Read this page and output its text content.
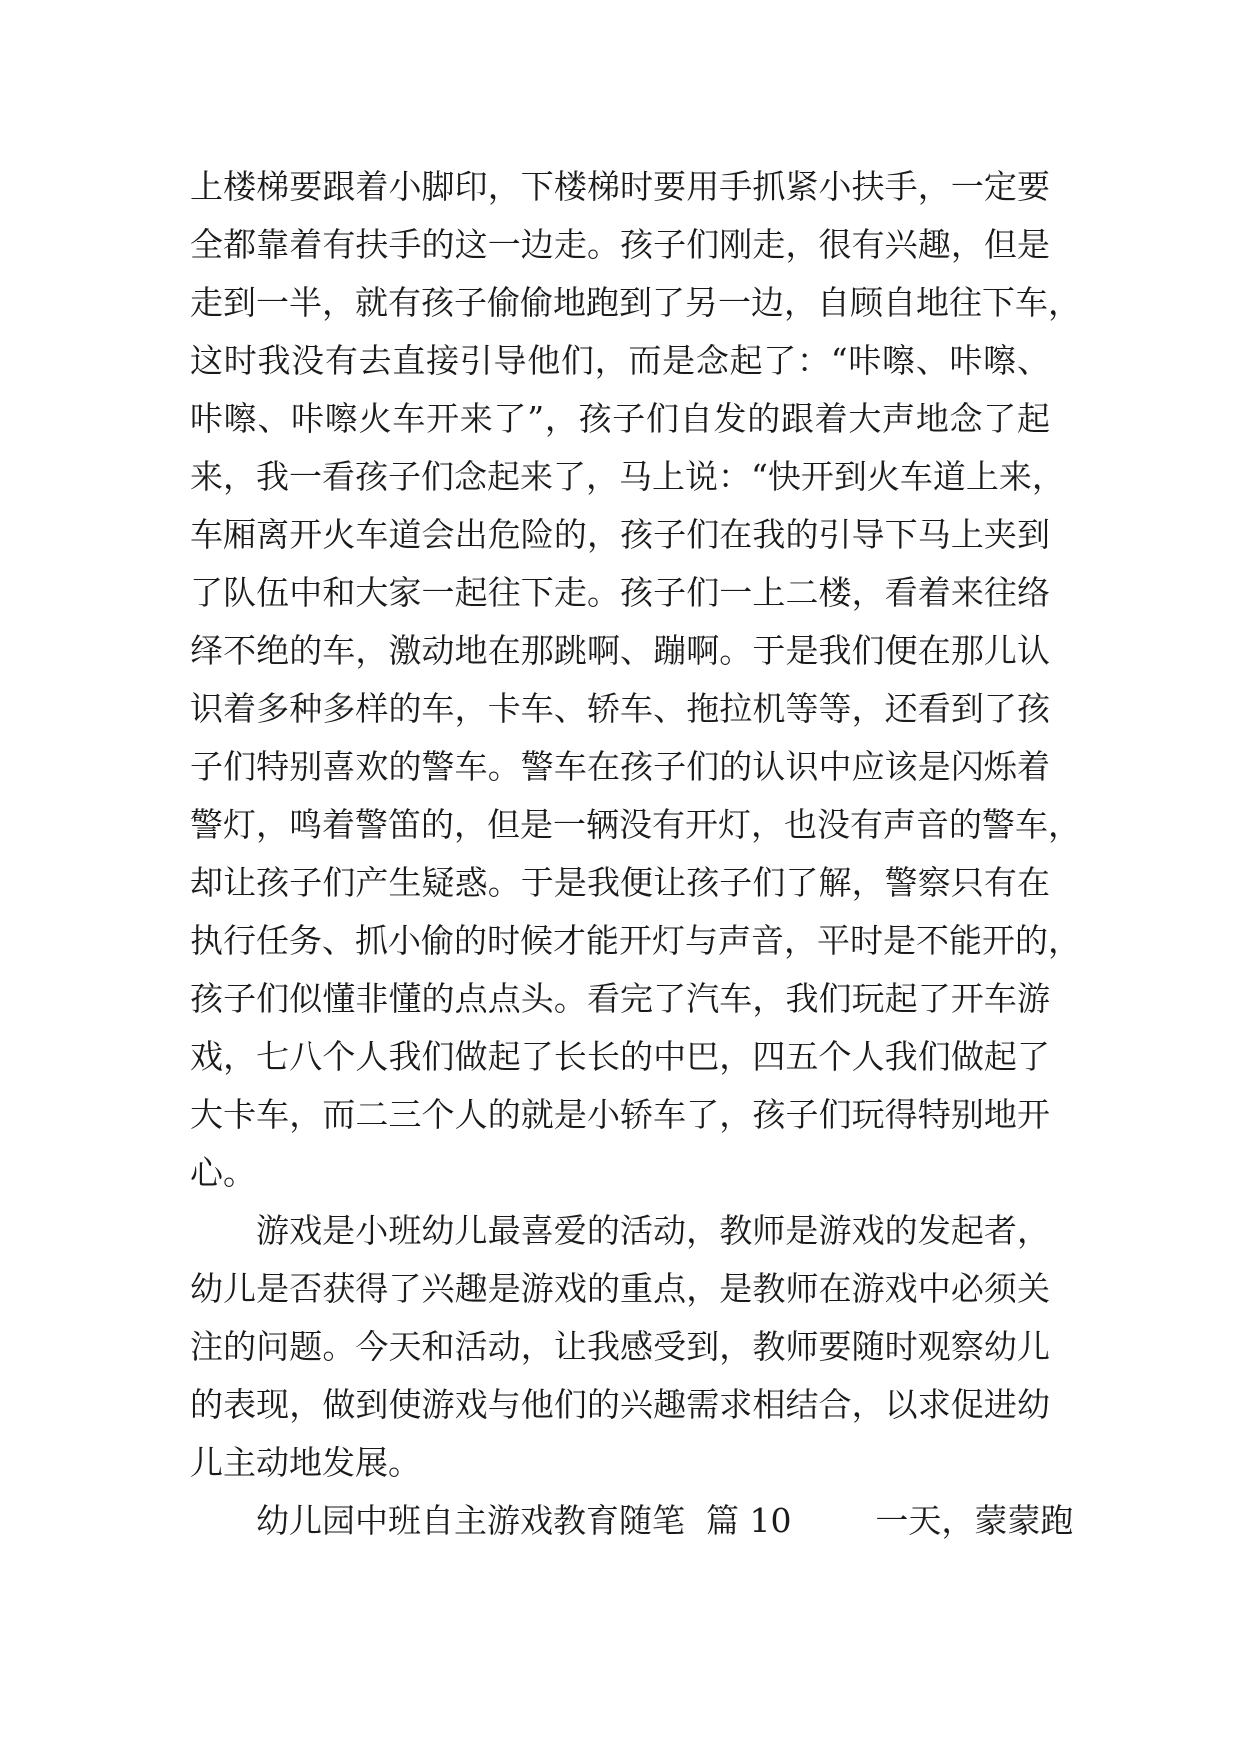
上楼梯要跟着小脚印，下楼梯时要用手抓紧小扶手，一定要
全都靠着有扶手的这一边走。孩子们刚走，很有兴趣，但是
走到一半，就有孩子偷偷地跑到了另一边，自顾自地往下车，
这时我没有去直接引导他们，而是念起了：“咔嚓、咔嚓、
咔嚓、咔嚓火车开来了”，孩子们自发的跟着大声地念了起
来，我一看孩子们念起来了，马上说：“快开到火车道上来，
车厢离开火车道会出危险的，孩子们在我的引导下马上夹到
了队伍中和大家一起往下走。孩子们一上二楼，看着来往络
绎不绝的车，激动地在那跳啊、蹦啊。于是我们便在那儿认
识着多种多样的车，卡车、轿车、拖拉机等等，还看到了孩
子们特别喜欢的警车。警车在孩子们的认识中应该是闪烁着
警灯，鸣着警笛的，但是一辆没有开灯，也没有声音的警车，
却让孩子们产生疑惑。于是我便让孩子们了解，警察只有在
执行任务、抓小偷的时候才能开灯与声音，平时是不能开的，
孩子们似懂非懂的点点头。看完了汽车，我们玩起了开车游
戏，七八个人我们做起了长长的中巴，四五个人我们做起了
大卡车，而二三个人的就是小轿车了，孩子们玩得特别地开
心。
游戏是小班幼儿最喜爱的活动，教师是游戏的发起者，
幼儿是否获得了兴趣是游戏的重点，是教师在游戏中必须关
注的问题。今天和活动，让我感受到，教师要随时观察幼儿
的表现，做到使游戏与他们的兴趣需求相结合，以求促进幼
儿主动地发展。
幼儿园中班自主游戏教育随笔  篇 10        一天，蒙蒙跑
